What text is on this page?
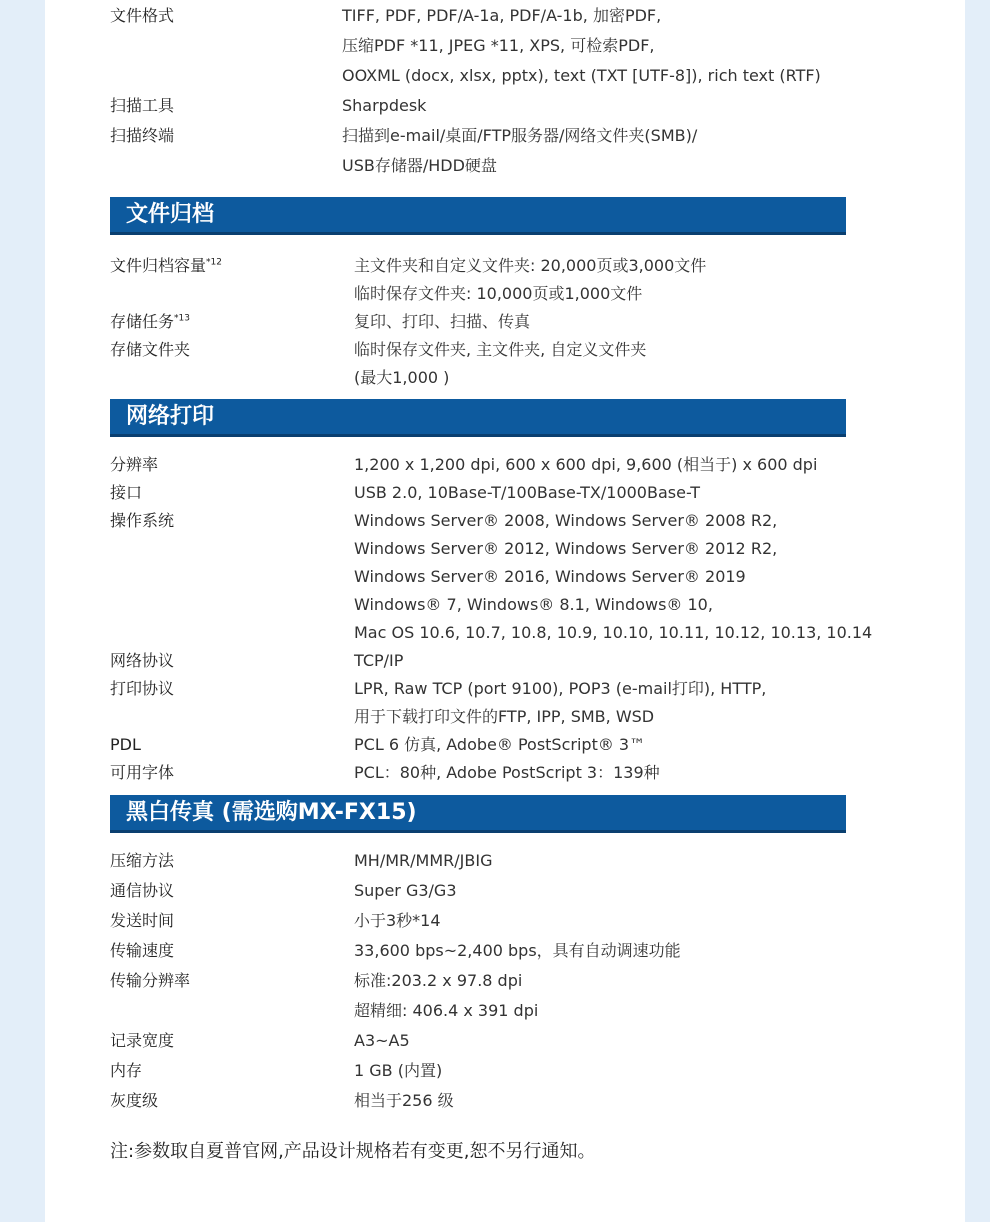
文件格式	TIFF, PDF, PDF/A-1a, PDF/A-1b, 加密PDF,
压缩PDF *11, JPEG *11, XPS, 可检索PDF,
OOXML (docx, xlsx, pptx), text (TXT [UTF-8]), rich text (RTF)
扫描工具	Sharpdesk
扫描终端	扫描到e-mail/桌面/FTP服务器/网络文件夹(SMB)/
USB存储器/HDD硬盘
文件归档
文件归档容量$^{*12}$	主文件夹和自定义文件夹: 20,000页或3,000文件
临时保存文件夹: 10,000页或1,000文件
存储任务$^{*13}$	复印、打印、扫描、传真
存储文件夹	临时保存文件夹, 主文件夹, 自定义文件夹
(最大1,000 )
网络打印
分辨率	1,200 x 1,200 dpi, 600 x 600 dpi, 9,600 (相当于) x 600 dpi
接口	USB 2.0, 10Base-T/100Base-TX/1000Base-T
操作系统	Windows Server® 2008, Windows Server® 2008 R2,
Windows Server® 2012, Windows Server® 2012 R2,
Windows Server® 2016, Windows Server® 2019
Windows® 7, Windows® 8.1, Windows® 10,
Mac OS 10.6, 10.7, 10.8, 10.9, 10.10, 10.11, 10.12, 10.13, 10.14
网络协议	TCP/IP
打印协议	LPR, Raw TCP (port 9100), POP3 (e-mail打印), HTTP,
用于下载打印文件的FTP, IPP, SMB, WSD
PDL	PCL 6 仿真, Adobe® PostScript® 3™
可用字体	PCL：80种, Adobe PostScript 3：139种
黑白传真 (需选购MX-FX15)
压缩方法	MH/MR/MMR/JBIG
通信协议	Super G3/G3
发送时间	小于3秒*14
传输速度	33,600 bps~2,400 bps，具有自动调速功能
传输分辨率	标准:203.2 x 97.8 dpi
超精细: 406.4 x 391 dpi
记录宽度	A3~A5
内存	1 GB (内置)
灰度级	相当于256 级
注:参数取自夏普官网,产品设计规格若有变更,恕不另行通知。
